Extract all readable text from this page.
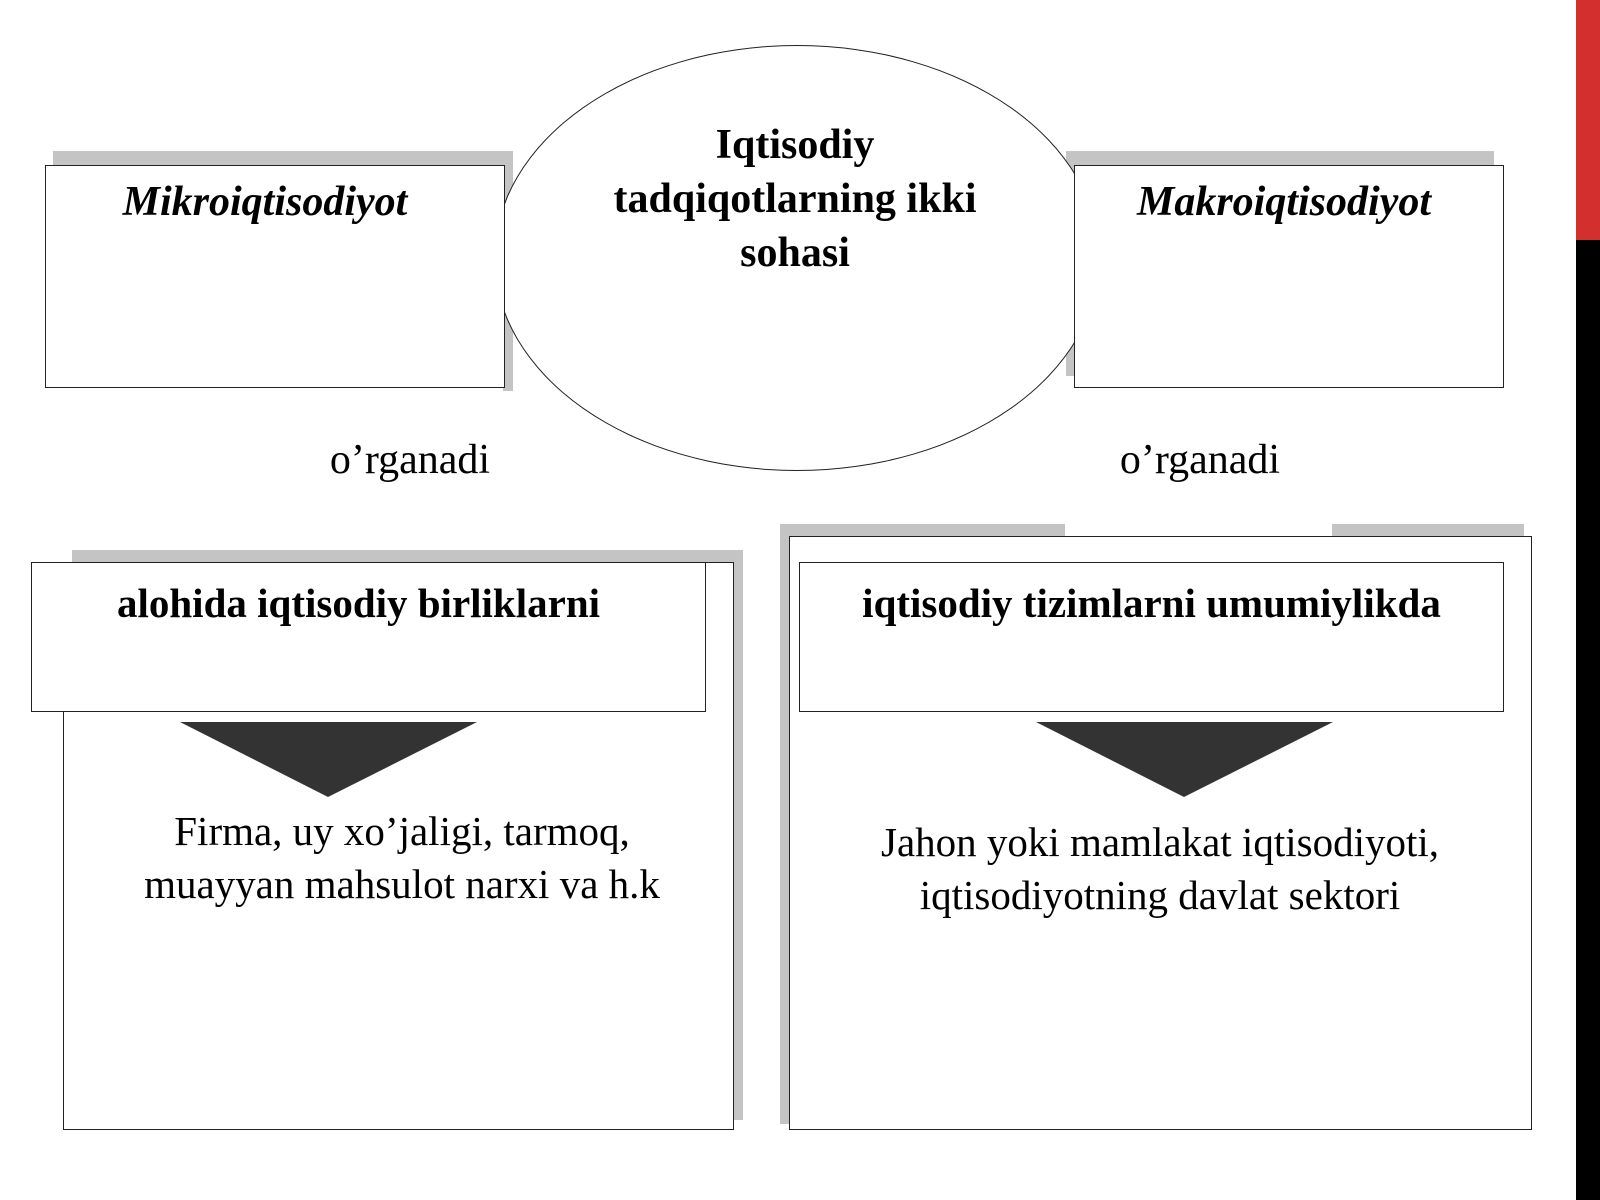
Iqtisodiy tadqiqotlarning ikki sohasi
Mikroiqtisodiyot	Makroiqtisodiyot
o’rganadi	o’rganadi
alohida iqtisodiy birliklarni
Firma, uy xo’jaligi, tarmoq, muayyan mahsulot narxi va h.k
iqtisodiy tizimlarni umumiylikda
Jahon yoki mamlakat iqtisodiyoti, iqtisodiyotning davlat sektori
